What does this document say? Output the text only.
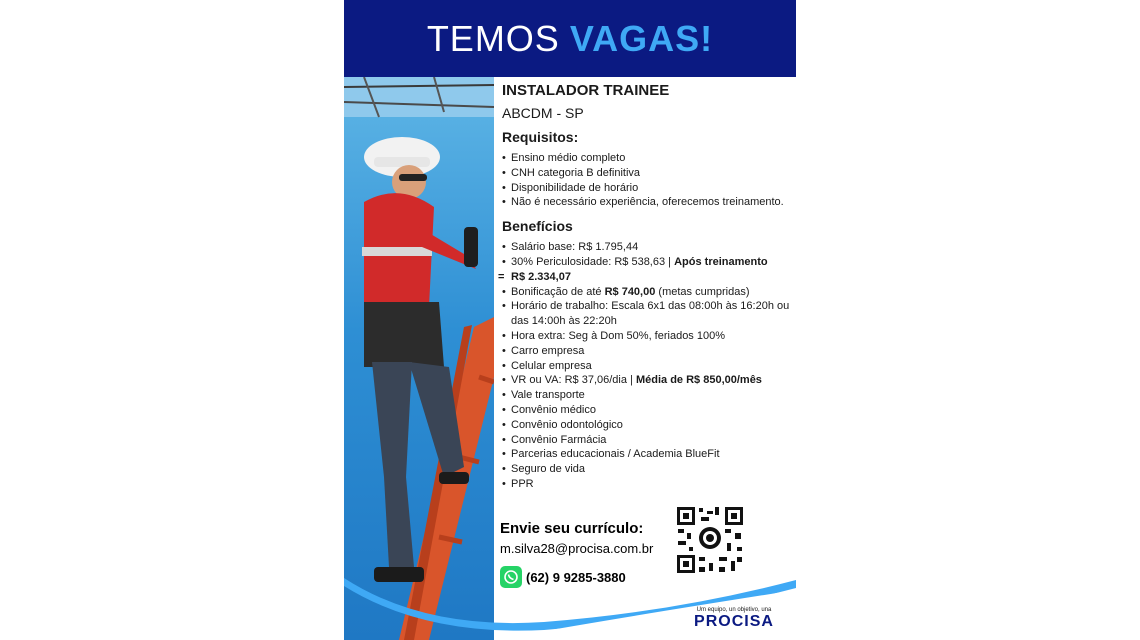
TEMOS VAGAS!
INSTALADOR TRAINEE
ABCDM - SP
Requisitos:
• Ensino médio completo
• CNH categoria B definitiva
• Disponibilidade de horário
• Não é necessário experiência, oferecemos treinamento.
Benefícios
• Salário base: R$ 1.795,44
• 30% Periculosidade: R$ 538,63 | Após treinamento
= R$ 2.334,07
• Bonificação de até R$ 740,00 (metas cumpridas)
• Horário de trabalho: Escala 6x1 das 08:00h às 16:20h ou das 14:00h às 22:20h
• Hora extra: Seg à Dom 50%, feriados 100%
• Carro empresa
• Celular empresa
• VR ou VA: R$ 37,06/dia | Média de R$ 850,00/mês
• Vale transporte
• Convênio médico
• Convênio odontológico
• Convênio Farmácia
• Parcerias educacionais / Academia BlueFit
• Seguro de vida
• PPR
Envie seu currículo:
m.silva28@procisa.com.br
(62) 9 9285-3880
Um equipo, un objetivo, una
PROCISA
